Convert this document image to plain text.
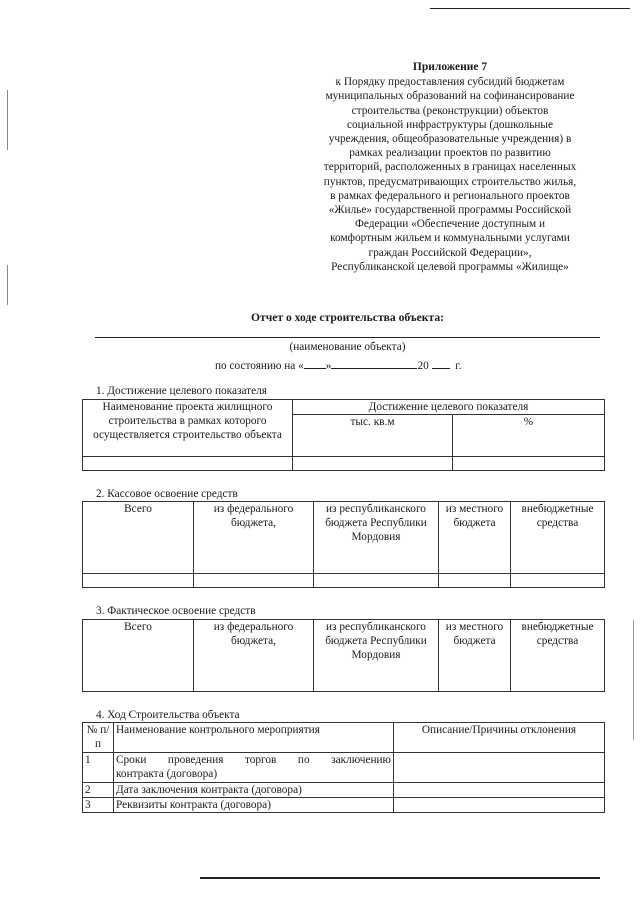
Приложение 7
к Порядку предоставления субсидий бюджетам
муниципальных образований на софинансирование
строительства (реконструкции) объектов
социальной инфраструктуры (дошкольные
учреждения, общеобразовательные учреждения) в
рамках реализации проектов по развитию
территорий, расположенных в границах населенных
пунктов, предусматривающих строительство жилья,
в рамках федерального и регионального проектов
«Жилье» государственной программы Российской
Федерации «Обеспечение доступным и
комфортным жильем и коммунальными услугами
граждан Российской Федерации»,
Республиканской целевой программы «Жилище»
Отчет о ходе строительства объекта:
(наименование объекта)
по состоянию на « »	20 г.
1. Достижение целевого показателя
Наименование проекта жилищного строительства в рамках которого осуществляется строительство объекта	Достижение целевого показателя	
	тыс. кв.м	%

2. Кассовое освоение средств
Всего	из федерального бюджета,	из республиканского бюджета Республики Мордовия	из местного бюджета	внебюджетные средства

3. Фактическое освоение средств
Всего	из федерального бюджета,	из республиканского бюджета Республики Мордовия	из местного бюджета	внебюджетные средства
4. Ход Строительства объекта
№ п/п	Наименование контрольного мероприятия	Описание/Причины отклонения
1	Сроки проведения торгов по заключению
контракта (договора)	

2	Дата заключения контракта (договора)	
3	Реквизиты контракта (договора)	
